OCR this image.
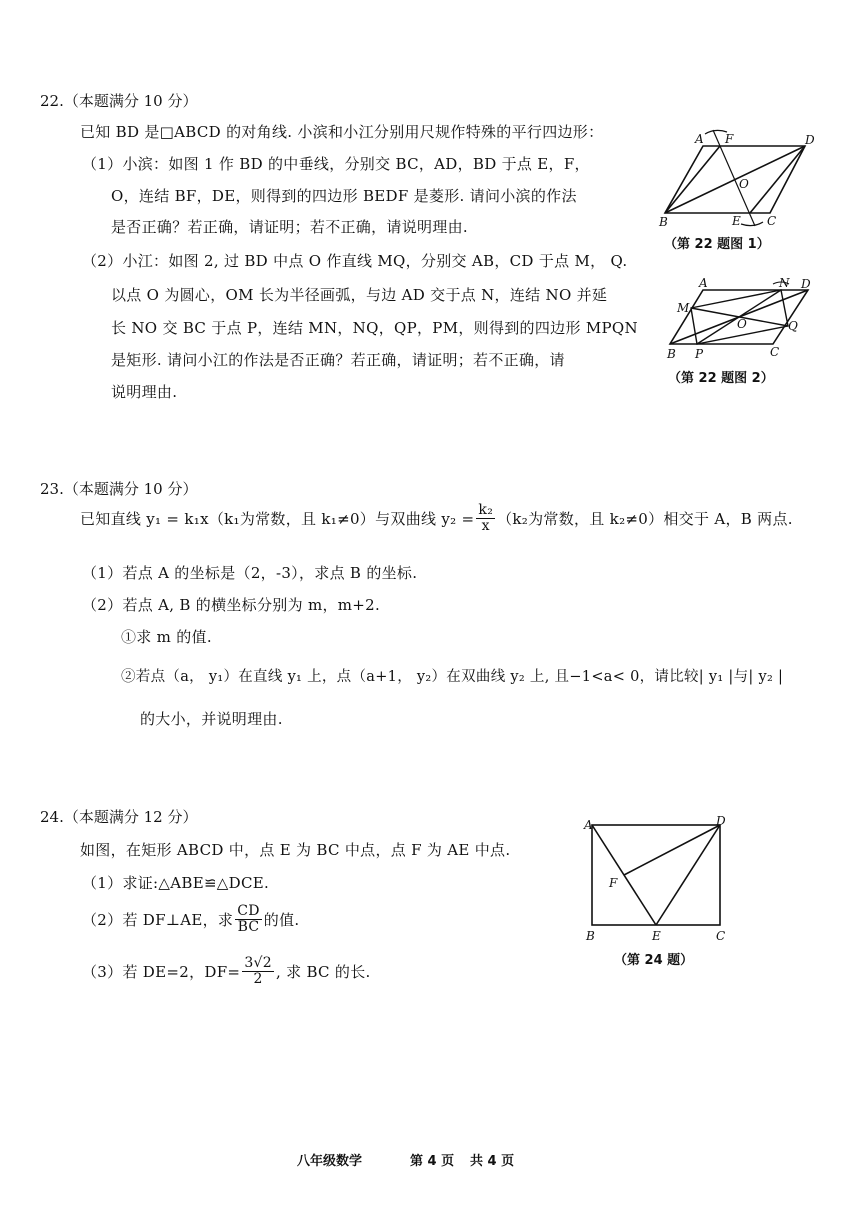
22.（本题满分 10 分）
已知 BD 是□ABCD 的对角线. 小滨和小江分别用尺规作特殊的平行四边形：
（1）小滨：如图 1 作 BD 的中垂线，分别交 BC，AD，BD 于点 E，F，
O，连结 BF，DE，则得到的四边形 BEDF 是菱形. 请问小滨的作法
是否正确？若正确，请证明；若不正确，请说明理由.
（2）小江：如图 2, 过 BD 中点 O 作直线 MQ，分别交 AB，CD 于点 M， Q.
以点 O 为圆心，OM 长为半径画弧，与边 AD 交于点 N，连结 NO 并延
长 NO 交 BC 于点 P，连结 MN，NQ，QP，PM，则得到的四边形 MPQN
是矩形. 请问小江的作法是否正确？若正确，请证明；若不正确，请
说明理由.
A F	D
O
B	E C
（第 22 题图 1）
A	N D
M
O	Q
B P	C
（第 22 题图 2）
23.（本题满分 10 分）
已知直线 y₁ = k₁x（k₁为常数，且 k₁≠0）与双曲线 $y_2 = \frac{\text{k₂}}{x} (k_2$为常数，且 k₂≠0）相交于 A，B 两点.
（1）若点 A 的坐标是（2，-3），求点 B 的坐标.
（2）若点 A, B 的横坐标分别为 m，m+2.
①求 m 的值.
②若点（a， y₁）在直线 y₁ 上，点（a+1， y₂）在双曲线 y₂ 上, 且−1<a< 0，请比较| y₁ |与| y₂ |
的大小，并说明理由.
24.（本题满分 12 分）
如图，在矩形 ABCD 中，点 E 为 BC 中点，点 F 为 AE 中点.
（1）求证:△ABE≌△DCE.
（2）若 DF⊥AE，求 $\frac{CD}{BC}$ 的值.
（3）若 DE=2，$DF= \frac{3√2}{2}$ , 求 BC 的长.
A	D
F
B	E	C
（第 24 题）
八年级数学	第 4 页 共 4 页
